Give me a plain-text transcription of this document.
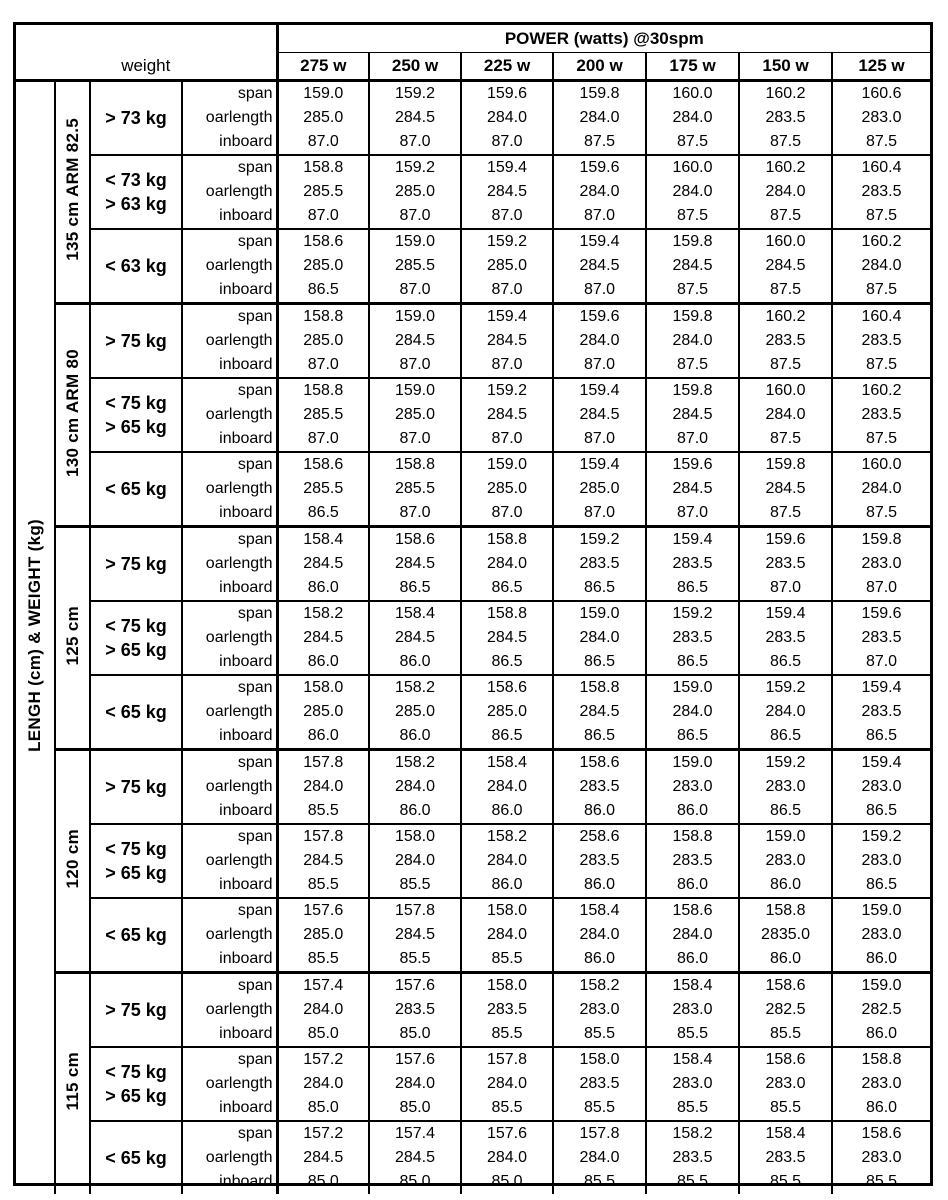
weight				POWER (watts) @30spm						
				275 w	250 w	225 w	200 w	175 w	150 w	125 w
LENGH (cm) & WEIGHT (kg)	135 cm ARM 82.5	> 73 kg	span	159.0	159.2	159.6	159.8	160.0	160.2	160.6
			oarlength	285.0	284.5	284.0	284.0	284.0	283.5	283.0
			inboard	87.0	87.0	87.0	87.5	87.5	87.5	87.5

		< 73 kg
> 63 kg	span	158.8	159.2	159.4	159.6	160.0	160.2	160.4
			oarlength	285.5	285.0	284.5	284.0	284.0	284.0	283.5
			inboard	87.0	87.0	87.0	87.0	87.5	87.5	87.5

		< 63 kg	span	158.6	159.0	159.2	159.4	159.8	160.0	160.2
			oarlength	285.0	285.5	285.0	284.5	284.5	284.5	284.0
			inboard	86.5	87.0	87.0	87.0	87.5	87.5	87.5
	130 cm ARM 80	> 75 kg	span	158.8	159.0	159.4	159.6	159.8	160.2	160.4
			oarlength	285.0	284.5	284.5	284.0	284.0	283.5	283.5
			inboard	87.0	87.0	87.0	87.0	87.5	87.5	87.5

		< 75 kg
> 65 kg	span	158.8	159.0	159.2	159.4	159.8	160.0	160.2
			oarlength	285.5	285.0	284.5	284.5	284.5	284.0	283.5
			inboard	87.0	87.0	87.0	87.0	87.0	87.5	87.5

		< 65 kg	span	158.6	158.8	159.0	159.4	159.6	159.8	160.0
			oarlength	285.5	285.5	285.0	285.0	284.5	284.5	284.0
			inboard	86.5	87.0	87.0	87.0	87.0	87.5	87.5
	125 cm	> 75 kg	span	158.4	158.6	158.8	159.2	159.4	159.6	159.8
			oarlength	284.5	284.5	284.0	283.5	283.5	283.5	283.0
			inboard	86.0	86.5	86.5	86.5	86.5	87.0	87.0

		< 75 kg
> 65 kg	span	158.2	158.4	158.8	159.0	159.2	159.4	159.6
			oarlength	284.5	284.5	284.5	284.0	283.5	283.5	283.5
			inboard	86.0	86.0	86.5	86.5	86.5	86.5	87.0

		< 65 kg	span	158.0	158.2	158.6	158.8	159.0	159.2	159.4
			oarlength	285.0	285.0	285.0	284.5	284.0	284.0	283.5
			inboard	86.0	86.0	86.5	86.5	86.5	86.5	86.5
	120 cm	> 75 kg	span	157.8	158.2	158.4	158.6	159.0	159.2	159.4
			oarlength	284.0	284.0	284.0	283.5	283.0	283.0	283.0
			inboard	85.5	86.0	86.0	86.0	86.0	86.5	86.5

		< 75 kg
> 65 kg	span	157.8	158.0	158.2	258.6	158.8	159.0	159.2
			oarlength	284.5	284.0	284.0	283.5	283.5	283.0	283.0
			inboard	85.5	85.5	86.0	86.0	86.0	86.0	86.5

		< 65 kg	span	157.6	157.8	158.0	158.4	158.6	158.8	159.0
			oarlength	285.0	284.5	284.0	284.0	284.0	2835.0	283.0
			inboard	85.5	85.5	85.5	86.0	86.0	86.0	86.0
	115 cm	> 75 kg	span	157.4	157.6	158.0	158.2	158.4	158.6	159.0
			oarlength	284.0	283.5	283.5	283.0	283.0	282.5	282.5
			inboard	85.0	85.0	85.5	85.5	85.5	85.5	86.0

		< 75 kg
> 65 kg	span	157.2	157.6	157.8	158.0	158.4	158.6	158.8
			oarlength	284.0	284.0	284.0	283.5	283.0	283.0	283.0
			inboard	85.0	85.0	85.5	85.5	85.5	85.5	86.0

		< 65 kg	span	157.2	157.4	157.6	157.8	158.2	158.4	158.6
			oarlength	284.5	284.5	284.0	284.0	283.5	283.5	283.0
			inboard	85.0	85.0	85.0	85.5	85.5	85.5	85.5
